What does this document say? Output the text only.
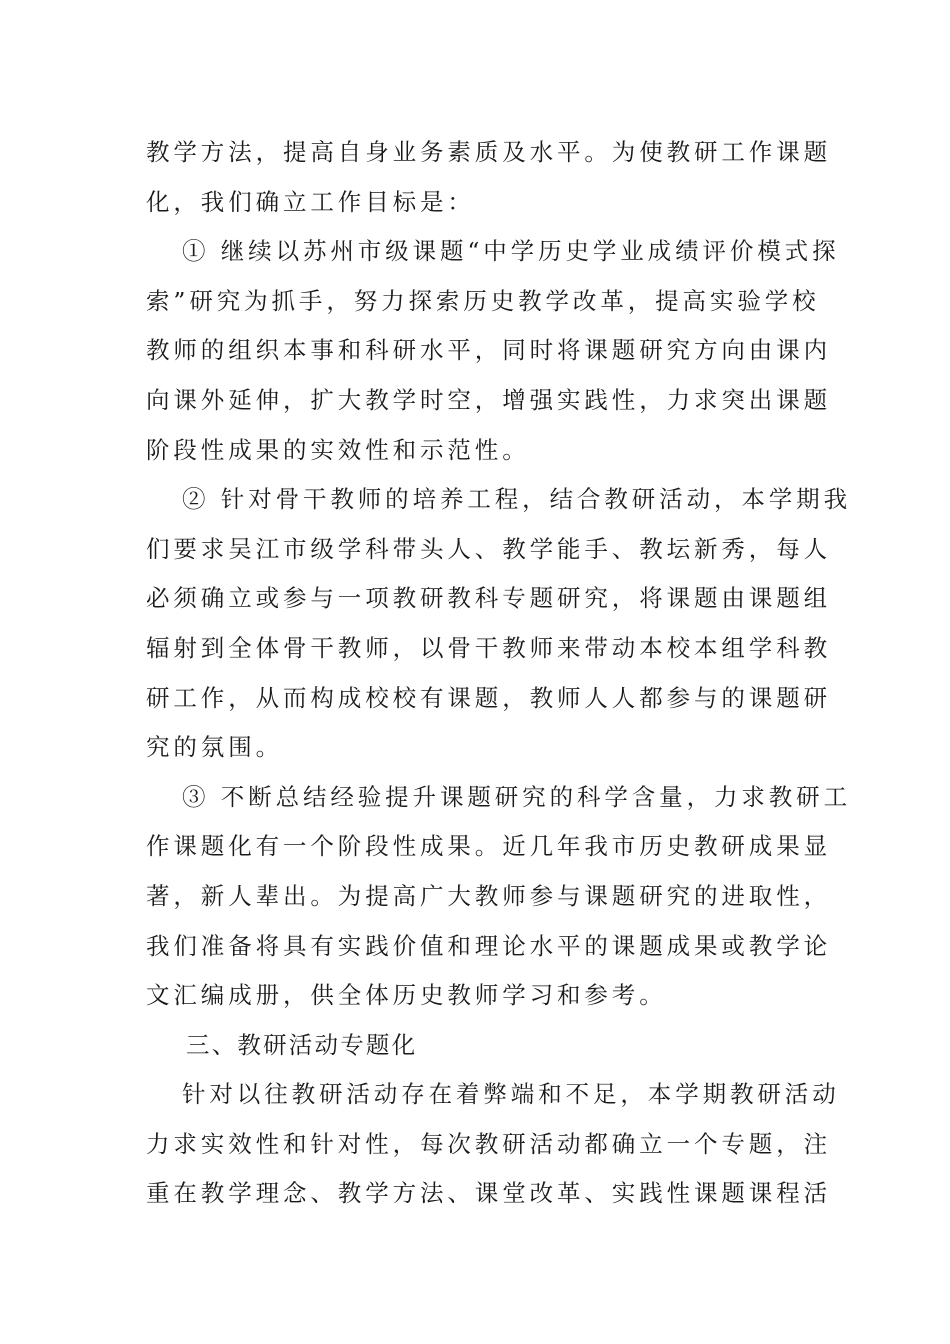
教学方法，提高自身业务素质及水平。为使教研工作课题
化，我们确立工作目标是：
① 继续以苏州市级课题“中学历史学业成绩评价模式探
索”研究为抓手，努力探索历史教学改革，提高实验学校
教师的组织本事和科研水平，同时将课题研究方向由课内
向课外延伸，扩大教学时空，增强实践性，力求突出课题
阶段性成果的实效性和示范性。
② 针对骨干教师的培养工程，结合教研活动，本学期我
们要求吴江市级学科带头人、教学能手、教坛新秀，每人
必须确立或参与一项教研教科专题研究，将课题由课题组
辐射到全体骨干教师，以骨干教师来带动本校本组学科教
研工作，从而构成校校有课题，教师人人都参与的课题研
究的氛围。
③ 不断总结经验提升课题研究的科学含量，力求教研工
作课题化有一个阶段性成果。近几年我市历史教研成果显
著，新人辈出。为提高广大教师参与课题研究的进取性，
我们准备将具有实践价值和理论水平的课题成果或教学论
文汇编成册，供全体历史教师学习和参考。
三、教研活动专题化
针对以往教研活动存在着弊端和不足，本学期教研活动
力求实效性和针对性，每次教研活动都确立一个专题，注
重在教学理念、教学方法、课堂改革、实践性课题课程活
